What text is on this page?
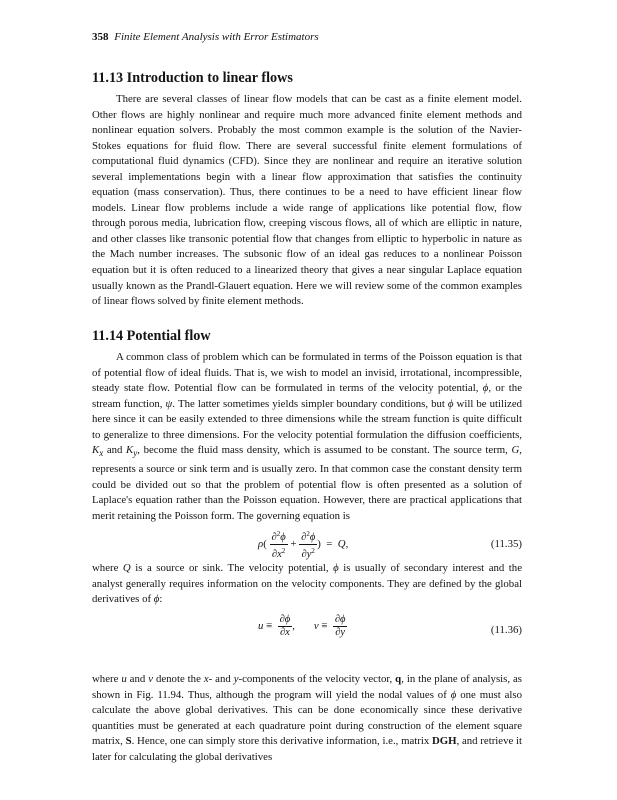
358 Finite Element Analysis with Error Estimators
11.13 Introduction to linear flows

There are several classes of linear flow models that can be cast as a finite element model. Other flows are highly nonlinear and require much more advanced finite element methods and nonlinear equation solvers. Probably the most common example is the solution of the Navier-Stokes equations for fluid flow. There are several successful finite element formulations of computational fluid dynamics (CFD). Since they are nonlinear and require an iterative solution several implementations begin with a linear flow approximation that satisfies the continuity equation (mass conservation). Thus, there continues to be a need to have efficient linear flow models. Linear flow problems include a wide range of applications like potential flow, flow through porous media, lubrication flow, creeping viscous flows, all of which are elliptic in nature, and other classes like transonic potential flow that changes from elliptic to hyperbolic in nature as the Mach number increases. The subsonic flow of an ideal gas reduces to a nonlinear Poisson equation but it is often reduced to a linearized theory that gives a near singular Laplace equation usually known as the Prandl-Glauert equation. Here we will review some of the common examples of linear flows solved by finite element methods.

11.14 Potential flow

A common class of problem which can be formulated in terms of the Poisson equation is that of potential flow of ideal fluids. That is, we wish to model an invisid, irrotational, incompressible, steady state flow. Potential flow can be formulated in terms of the velocity potential, ϕ, or the stream function, ψ. The latter sometimes yields simpler boundary conditions, but ϕ will be utilized here since it can be easily extended to three dimensions while the stream function is quite difficult to generalize to three dimensions. For the velocity potential formulation the diffusion coefficients, $K_x$ and $K_y$, become the fluid mass density, which is assumed to be constant. The source term, G, represents a source or sink term and is usually zero. In that common case the constant density term could be divided out so that the problem of potential flow is often presented as a solution of Laplace's equation rather than the Poisson equation. However, there are practical applications that merit retaining the Poisson form. The governing equation is

$\rho( \frac{\partial^2\phi}{\partial x^2} + \frac{\partial^2\phi}{\partial y^2}$ ) = Q,	(11.35)

where Q is a source or sink. The velocity potential, ϕ is usually of secondary interest and the analyst generally requires information on the velocity components. They are defined by the global derivatives of ϕ:

$u \equiv \frac{\partial\phi}{\partial x}$ , $v \equiv \frac{\partial\phi}{\partial y}$	(11.36)

where u and v denote the x- and y-components of the velocity vector, q, in the plane of analysis, as shown in Fig. 11.94. Thus, although the program will yield the nodal values of ϕ one must also calculate the above global derivatives. This can be done economically since these derivative quantities must be generated at each quadrature point during construction of the element square matrix, S. Hence, one can simply store this derivative information, i.e., matrix DGH, and retrieve it later for calculating the global derivatives
